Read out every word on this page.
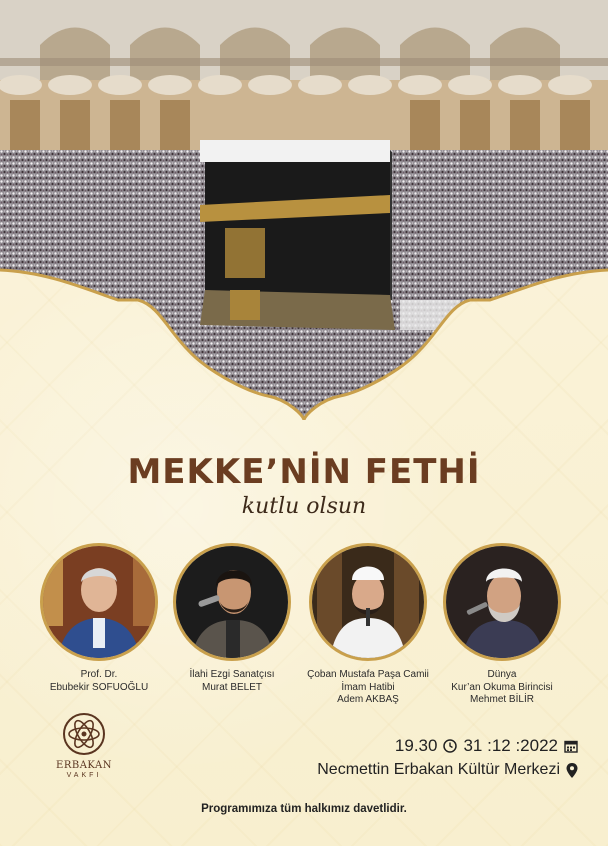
MEKKE’NİN FETHİ
kutlu olsun
Prof. Dr.
Ebubekir SOFUOĞLU
İlahi Ezgi Sanatçısı
Murat BELET
Çoban Mustafa Paşa Camii
İmam Hatibi
Adem AKBAŞ
Dünya
Kur’an Okuma Birincisi
Mehmet BİLİR
ERBAKAN
VAKFI
19.30 31 :12 :2022
Necmettin Erbakan Kültür Merkezi
Programımıza tüm halkımız davetlidir.
